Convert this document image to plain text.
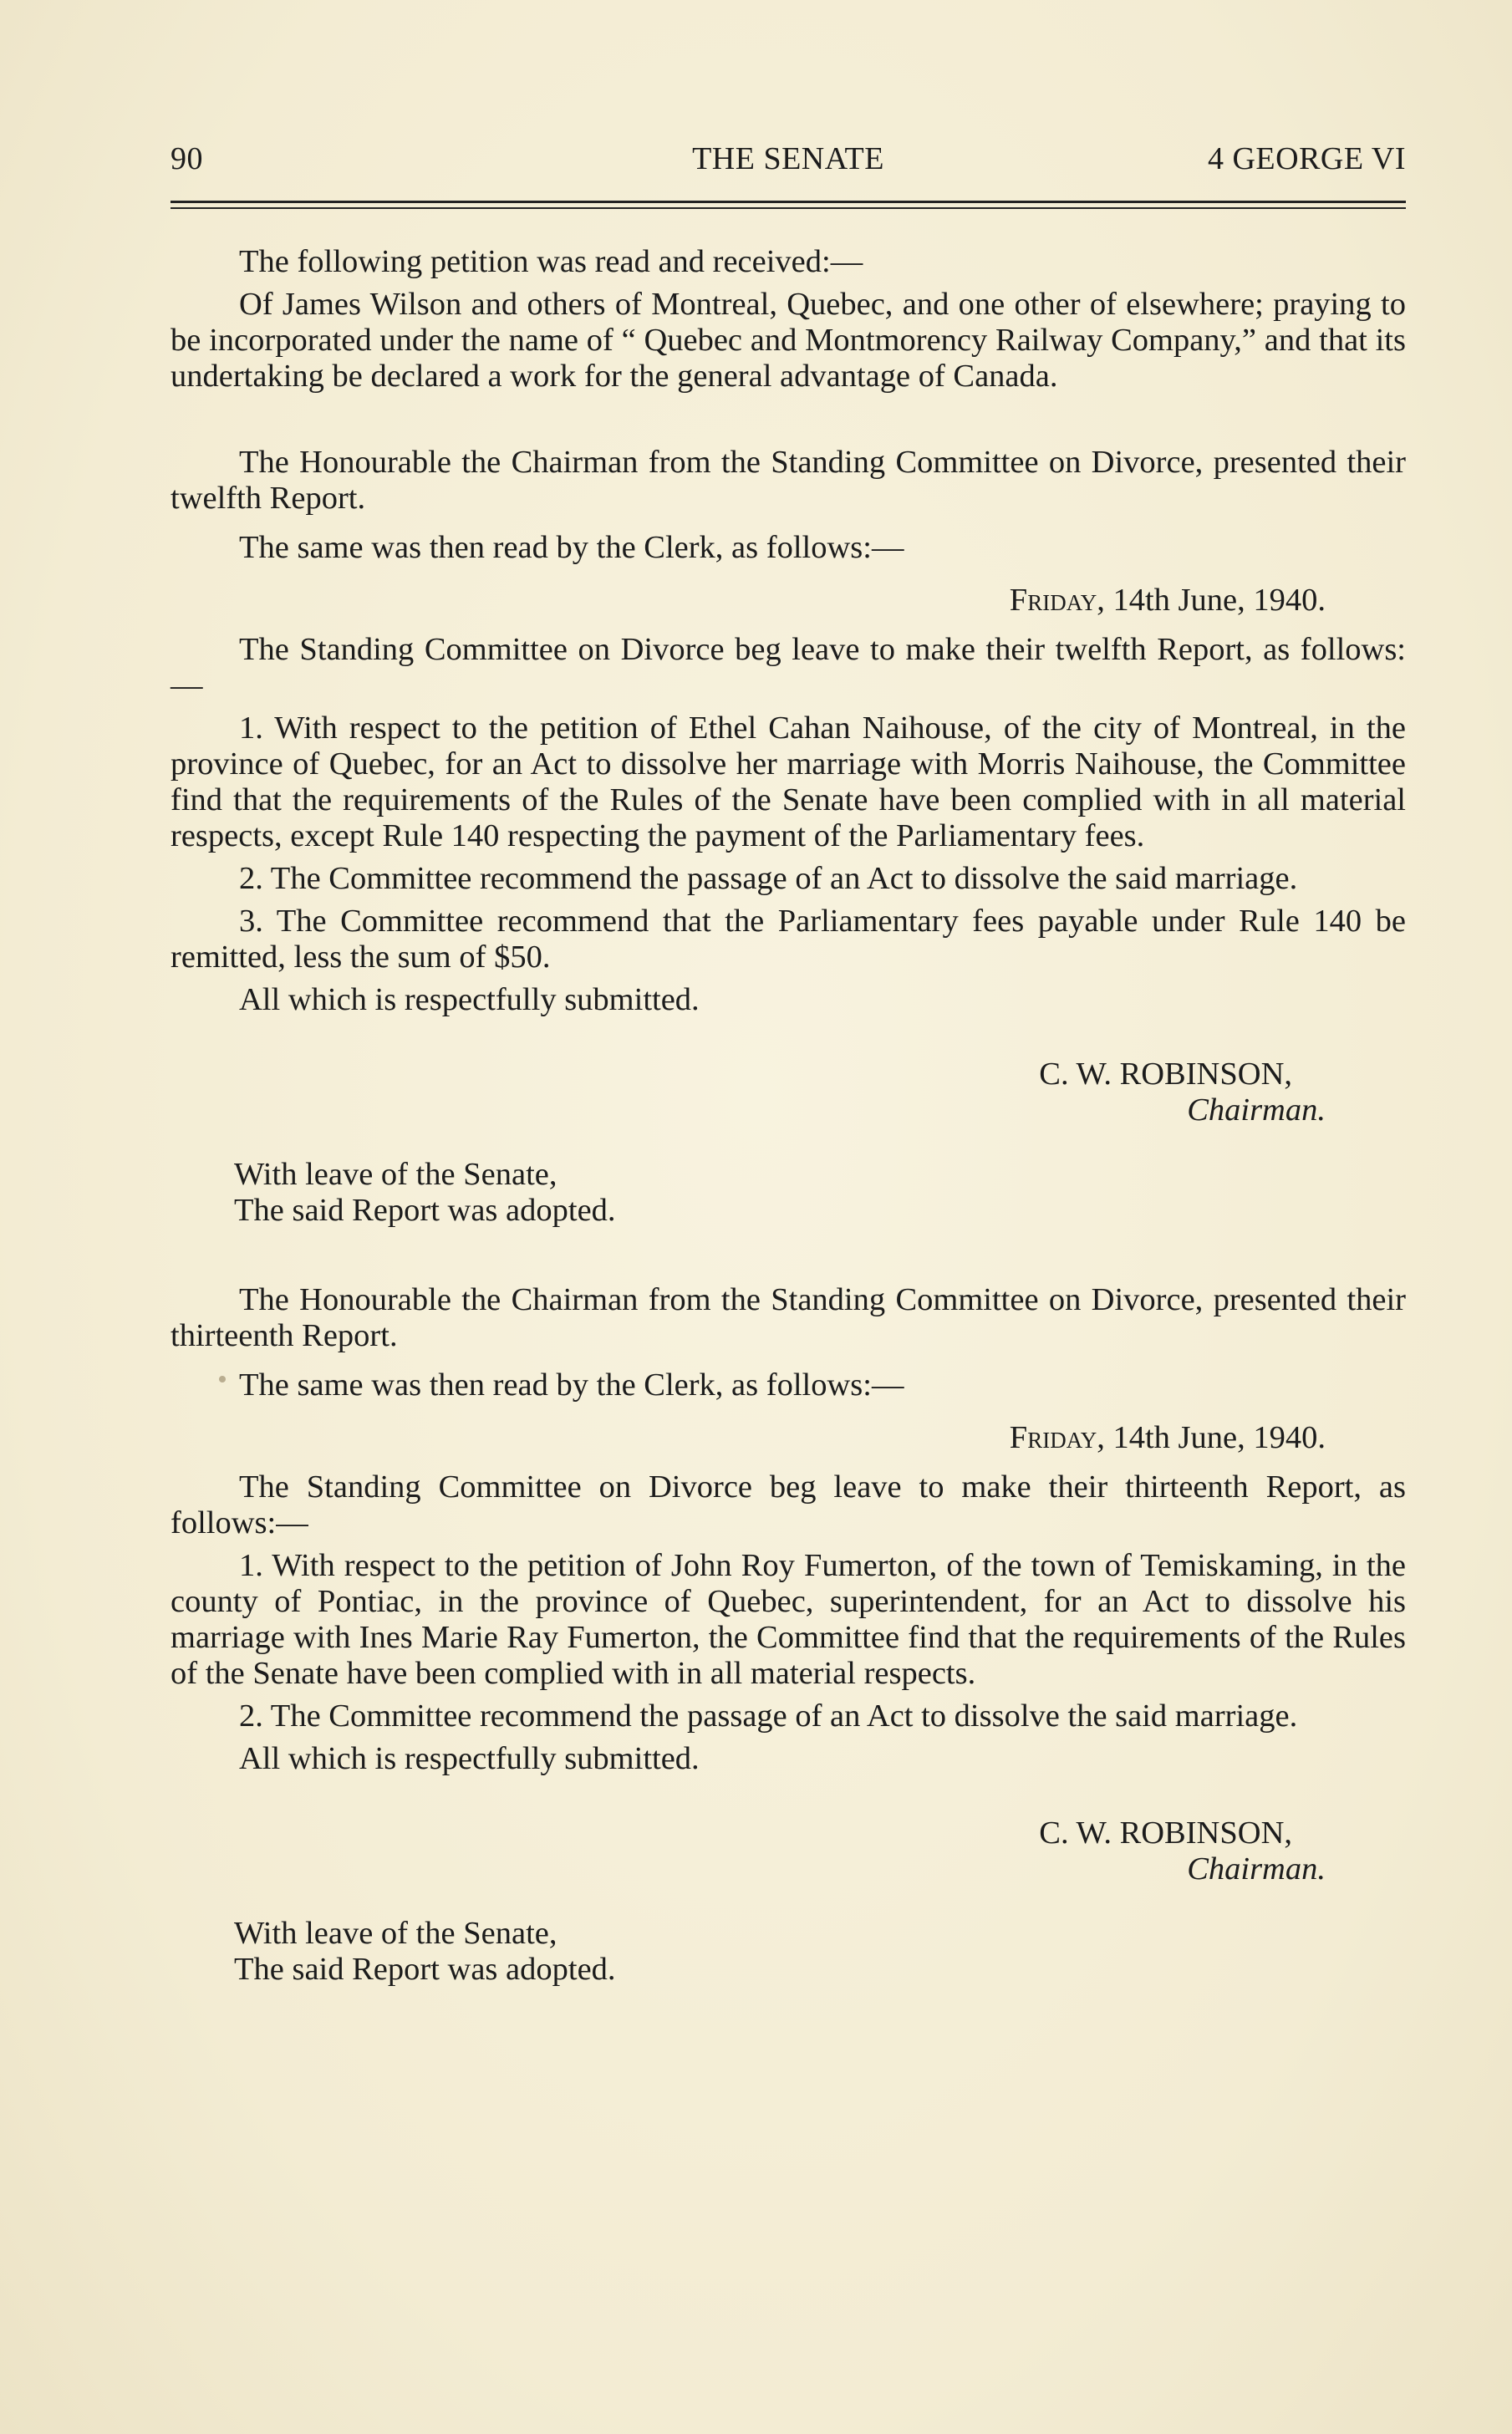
90	THE SENATE	4 GEORGE VI

The following petition was read and received:—

Of James Wilson and others of Montreal, Quebec, and one other of elsewhere; praying to be incorporated under the name of “ Quebec and Montmorency Railway Company,” and that its undertaking be declared a work for the general advantage of Canada.

The Honourable the Chairman from the Standing Committee on Divorce, presented their twelfth Report.

The same was then read by the Clerk, as follows:—

Friday, 14th June, 1940.

The Standing Committee on Divorce beg leave to make their twelfth Report, as follows:—

1. With respect to the petition of Ethel Cahan Naihouse, of the city of Montreal, in the province of Quebec, for an Act to dissolve her marriage with Morris Naihouse, the Committee find that the requirements of the Rules of the Senate have been complied with in all material respects, except Rule 140 respecting the payment of the Parliamentary fees.

2. The Committee recommend the passage of an Act to dissolve the said marriage.

3. The Committee recommend that the Parliamentary fees payable under Rule 140 be remitted, less the sum of $50.

All which is respectfully submitted.

C. W. ROBINSON,

Chairman.

With leave of the Senate,

The said Report was adopted.

The Honourable the Chairman from the Standing Committee on Divorce, presented their thirteenth Report.

The same was then read by the Clerk, as follows:—

Friday, 14th June, 1940.

The Standing Committee on Divorce beg leave to make their thirteenth Report, as follows:—

1. With respect to the petition of John Roy Fumerton, of the town of Temiskaming, in the county of Pontiac, in the province of Quebec, superintendent, for an Act to dissolve his marriage with Ines Marie Ray Fumerton, the Committee find that the requirements of the Rules of the Senate have been complied with in all material respects.

2. The Committee recommend the passage of an Act to dissolve the said marriage.

All which is respectfully submitted.

C. W. ROBINSON,

Chairman.

With leave of the Senate,

The said Report was adopted.
